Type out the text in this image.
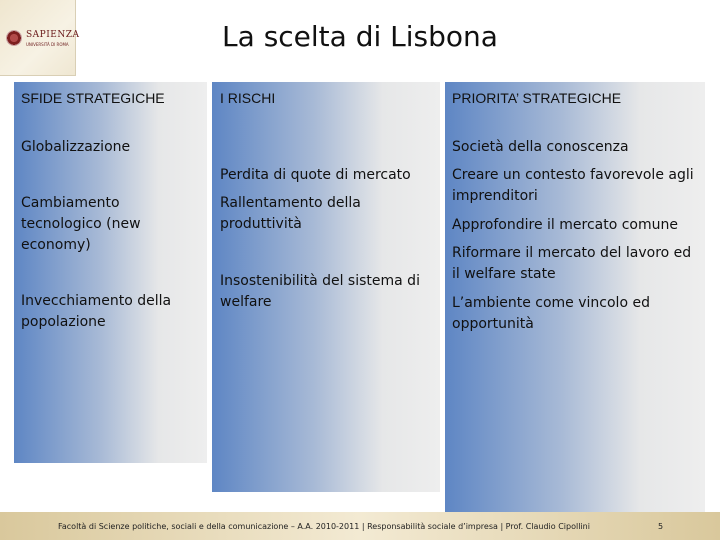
SAPIENZA
UNIVERSITÀ DI ROMA	La scelta di Lisbona
SFIDE STRATEGICHE
Globalizzazione
Cambiamento tecnologico (new economy)
Invecchiamento della popolazione
I RISCHI
Perdita di quote di mercato
Rallentamento della produttività
Insostenibilità del sistema di welfare
PRIORITA’ STRATEGICHE
Società della conoscenza
Creare un contesto favorevole agli imprenditori
Approfondire il mercato comune
Riformare il mercato del lavoro ed il welfare state
L’ambiente come vincolo ed opportunità
Facoltà di Scienze politiche, sociali e della comunicazione – A.A. 2010-2011 | Responsabilità sociale d’impresa | Prof. Claudio Cipollini	5
